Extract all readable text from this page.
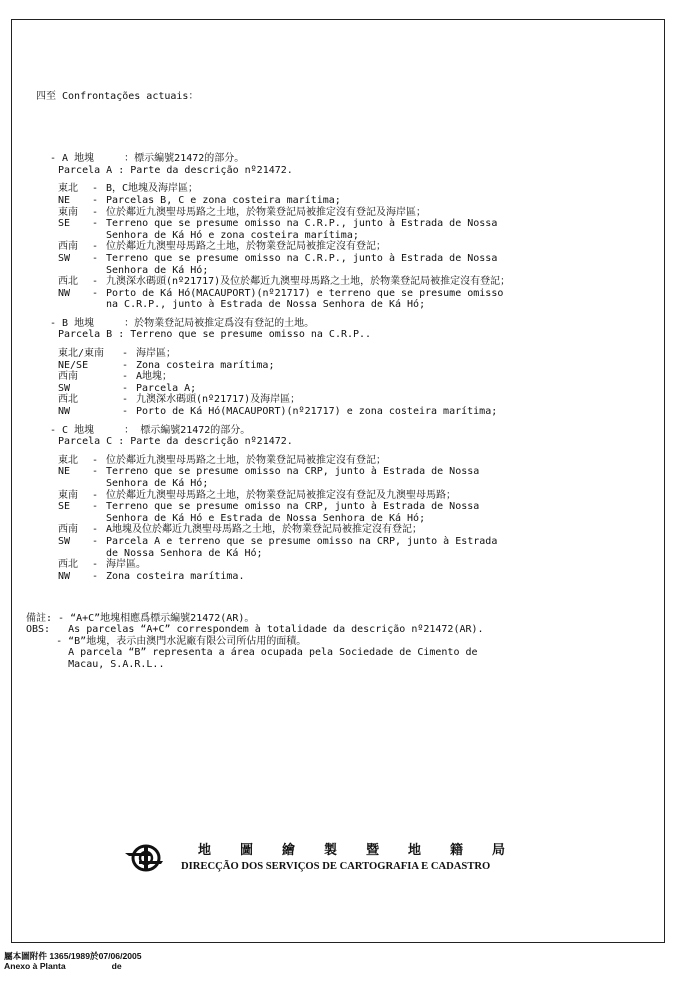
四至 Confrontações actuais：

- A 地塊     ：標示編號21472的部分。
Parcela A : Parte da descrição nº21472.
東北 - B，C地塊及海岸區；
NE - Parcelas B, C e zona costeira marítima;
東南 - 位於鄰近九澳聖母馬路之土地，於物業登記局被推定沒有登記及海岸區；
SE - Terreno que se presume omisso na C.R.P., junto à Estrada de Nossa
Senhora de Ká Hó e zona costeira marítima;
西南 - 位於鄰近九澳聖母馬路之土地，於物業登記局被推定沒有登記；
SW - Terreno que se presume omisso na C.R.P., junto à Estrada de Nossa
Senhora de Ká Hó;
西北 - 九澳深水碼頭(nº21717)及位於鄰近九澳聖母馬路之土地，於物業登記局被推定沒有登記；
NW - Porto de Ká Hó(MACAUPORT)(nº21717) e terreno que se presume omisso
na C.R.P., junto à Estrada de Nossa Senhora de Ká Hó;
- B 地塊     ：於物業登記局被推定爲沒有登記的土地。
Parcela B : Terreno que se presume omisso na C.R.P..
東北/東南 - 海岸區；
NE/SE	- Zona costeira marítima;
西南	- A地塊；
SW	- Parcela A;
西北	- 九澳深水碼頭(nº21717)及海岸區；
NW	- Porto de Ká Hó(MACAUPORT)(nº21717) e zona costeira marítima;
- C 地塊     ： 標示編號21472的部分。
Parcela C : Parte da descrição nº21472.
東北 - 位於鄰近九澳聖母馬路之土地，於物業登記局被推定沒有登記；
NE - Terreno que se presume omisso na CRP, junto à Estrada de Nossa
Senhora de Ká Hó;
東南 - 位於鄰近九澳聖母馬路之土地，於物業登記局被推定沒有登記及九澳聖母馬路；
SE - Terreno que se presume omisso na CRP, junto à Estrada de Nossa
Senhora de Ká Hó e Estrada de Nossa Senhora de Ká Hó;
西南 - A地塊及位於鄰近九澳聖母馬路之土地，於物業登記局被推定沒有登記；
SW - Parcela A e terreno que se presume omisso na CRP, junto à Estrada
de Nossa Senhora de Ká Hó;
西北 - 海岸區。
NW - Zona costeira marítima.

備註: - “A+C”地塊相應爲標示編號21472(AR)。
OBS:   As parcelas “A+C” correspondem à totalidade da descrição nº21472(AR).
- “B”地塊，表示由澳門水泥廠有限公司所佔用的面積。
A parcela “B” representa a área ocupada pela Sociedade de Cimento de
Macau, S.A.R.L..

地圖繪製暨地籍局
DIRECÇÃO DOS SERVIÇOS DE CARTOGRAFIA E CADASTRO
屬本圖附件 1365/1989於07/06/2005
Anexo à Planta	de
